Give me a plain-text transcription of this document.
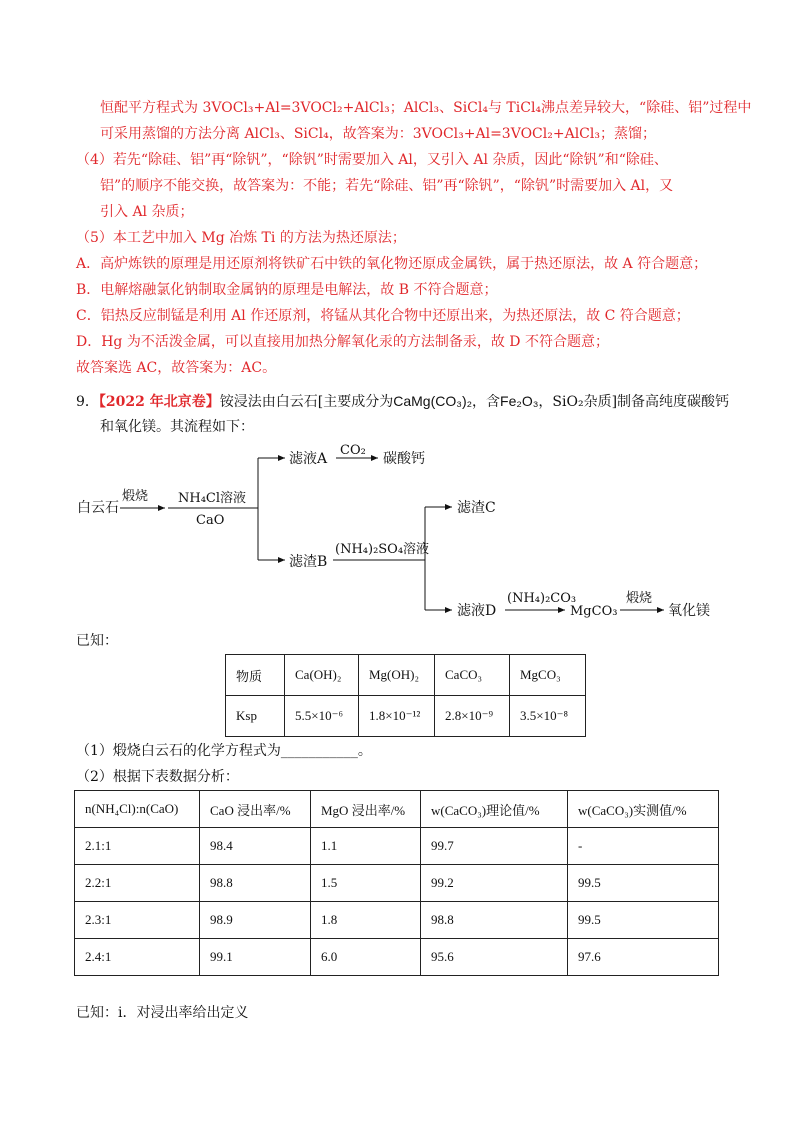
恒配平方程式为 3VOCl₃+Al=3VOCl₂+AlCl₃；AlCl₃、SiCl₄与 TiCl₄沸点差异较大，“除硅、铝”过程中
可采用蒸馏的方法分离 AlCl₃、SiCl₄，故答案为：3VOCl₃+Al=3VOCl₂+AlCl₃；蒸馏；
（4）若先“除硅、铝”再“除钒”，“除钒”时需要加入 Al，又引入 Al 杂质，因此“除钒”和“除硅、
铝”的顺序不能交换，故答案为：不能；若先“除硅、铝”再“除钒”，“除钒”时需要加入 Al，又
引入 Al 杂质；
（5）本工艺中加入 Mg 冶炼 Ti 的方法为热还原法；
A．高炉炼铁的原理是用还原剂将铁矿石中铁的氧化物还原成金属铁，属于热还原法，故 A 符合题意；
B．电解熔融氯化钠制取金属钠的原理是电解法，故 B 不符合题意；
C．铝热反应制锰是利用 Al 作还原剂，将锰从其化合物中还原出来，为热还原法，故 C 符合题意；
D．Hg 为不活泼金属，可以直接用加热分解氧化汞的方法制备汞，故 D 不符合题意；
故答案选 AC，故答案为：AC。
9．【2022 年北京卷】铵浸法由白云石[主要成分为CaMg(CO₃)₂，含Fe₂O₃，SiO₂杂质]制备高纯度碳酸钙
和氧化镁。其流程如下：
白云石
煅烧 NH₄Cl溶液
CaO
滤液A
CO₂
碳酸钙
滤渣B
(NH₄)₂SO₄溶液
滤渣C
滤液D
(NH₄)₂CO₃
MgCO₃
煅烧
氧化镁
已知：
物质	Ca(OH)₂	Mg(OH)₂	CaCO₃	MgCO₃
Ksp	5.5×10⁻⁶	1.8×10⁻¹²	2.8×10⁻⁹	3.5×10⁻⁸
（1）煅烧白云石的化学方程式为___________。
（2）根据下表数据分析：
n(NH₄Cl):n(CaO)	CaO 浸出率/%	MgO 浸出率/%	w(CaCO₃)理论值/%	w(CaCO₃)实测值/%
2.1:1	98.4	1.1	99.7	-
2.2:1	98.8	1.5	99.2	99.5
2.3:1	98.9	1.8	98.8	99.5
2.4:1	99.1	6.0	95.6	97.6
已知：i．对浸出率给出定义
